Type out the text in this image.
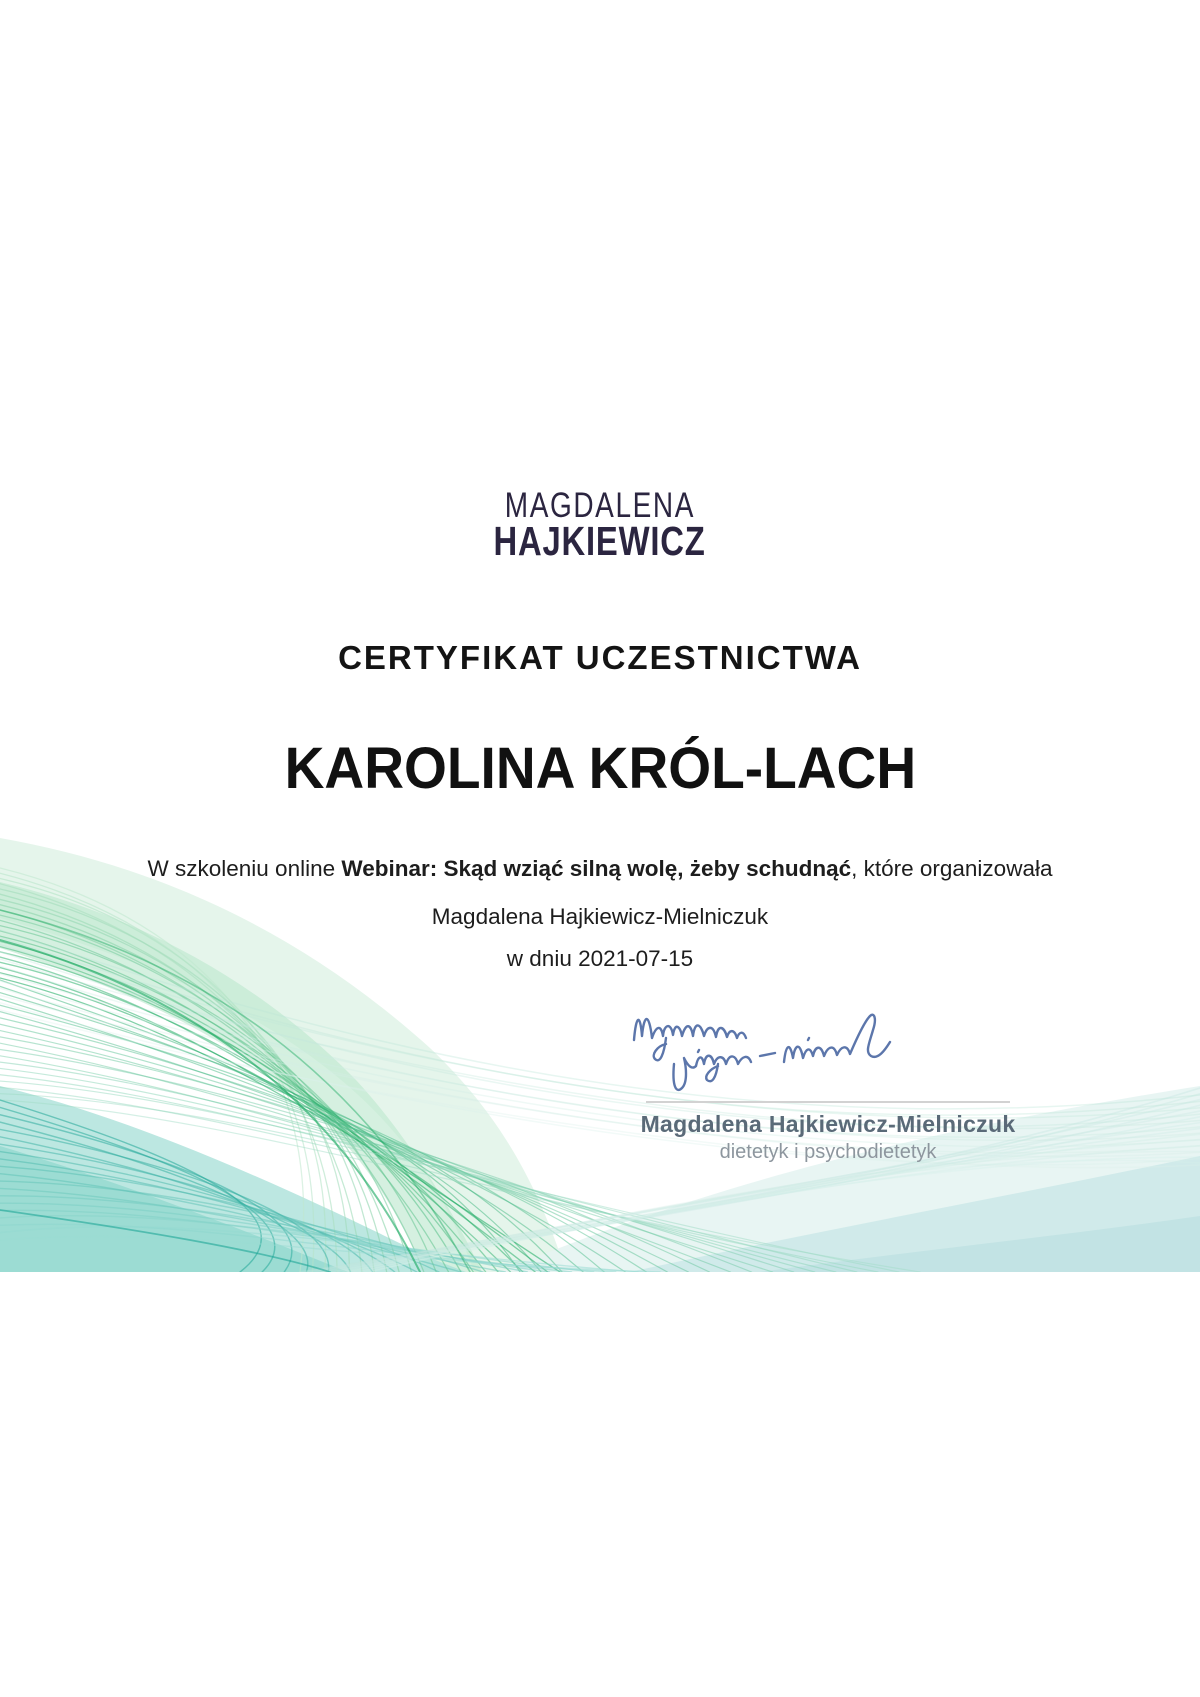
MAGDALENA
HAJKIEWICZ
CERTYFIKAT UCZESTNICTWA
KAROLINA KRÓL-LACH
W szkoleniu online Webinar: Skąd wziąć silną wolę, żeby schudnąć, które organizowała
Magdalena Hajkiewicz-Mielniczuk
w dniu 2021-07-15
Magdalena Hajkiewicz-Mielniczuk
dietetyk i psychodietetyk
